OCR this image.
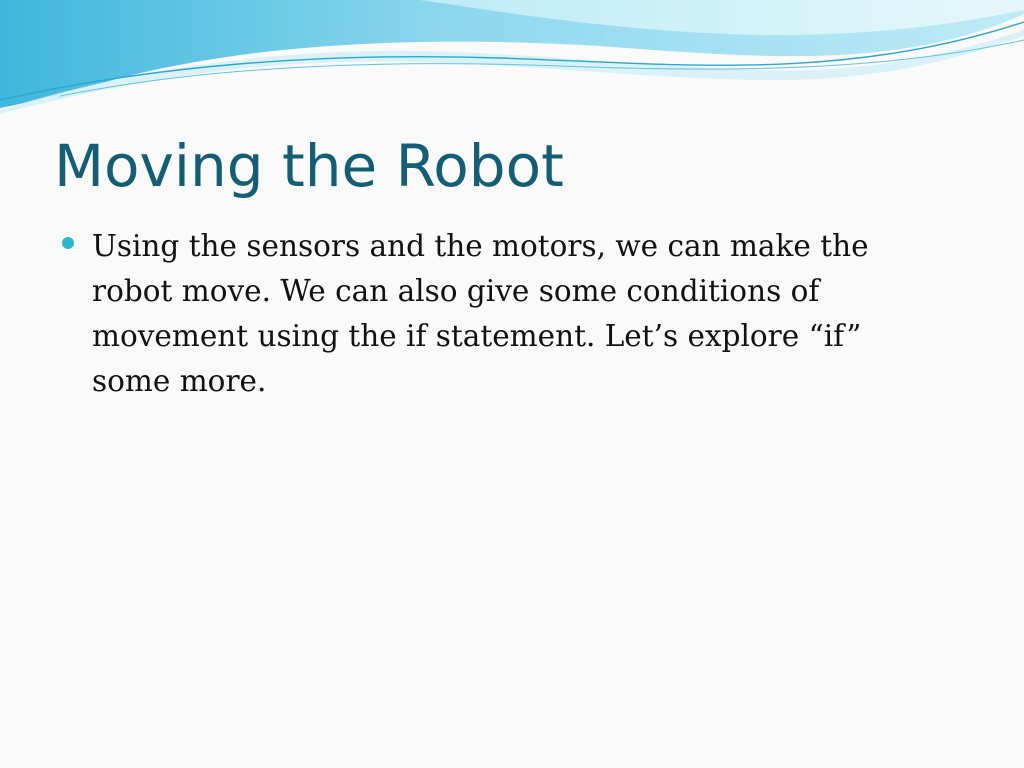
Moving the Robot

Using the sensors and the motors, we can make the
robot move. We can also give some conditions of
movement using the if statement. Let’s explore “if”
some more.
